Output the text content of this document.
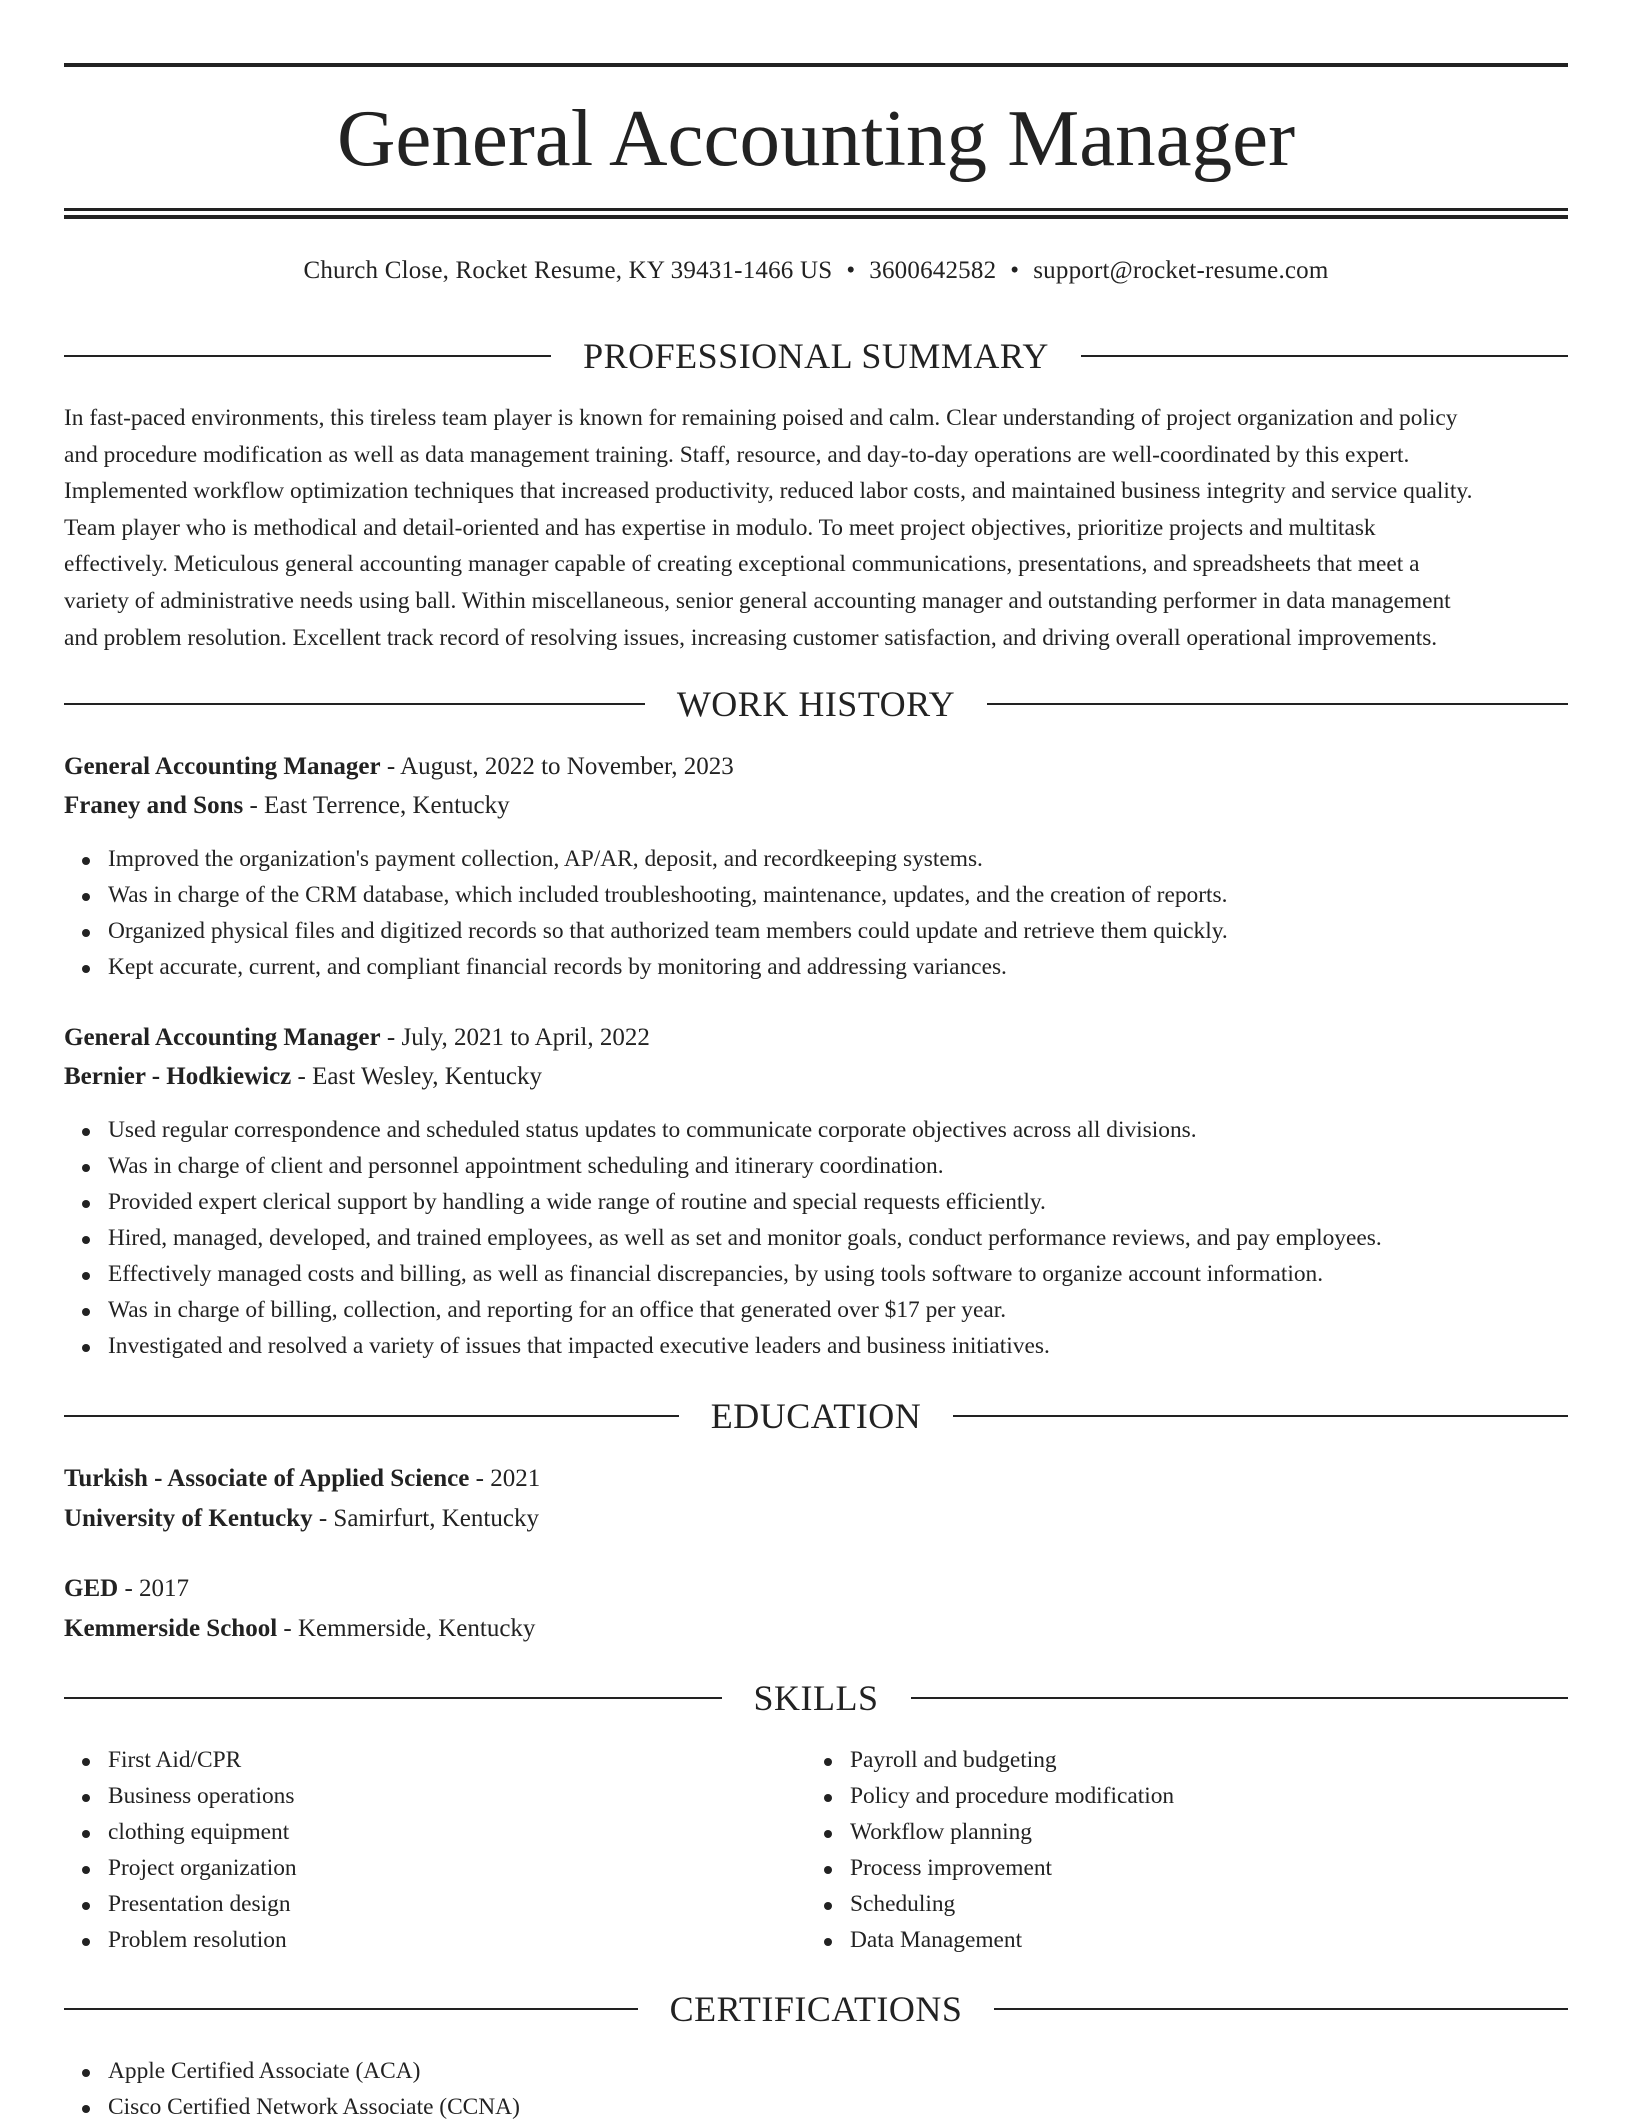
General Accounting Manager
Church Close, Rocket Resume, KY 39431-1466 US • 3600642582 • support@rocket-resume.com
PROFESSIONAL SUMMARY
In fast-paced environments, this tireless team player is known for remaining poised and calm. Clear understanding of project organization and policy
and procedure modification as well as data management training. Staff, resource, and day-to-day operations are well-coordinated by this expert.
Implemented workflow optimization techniques that increased productivity, reduced labor costs, and maintained business integrity and service quality.
Team player who is methodical and detail-oriented and has expertise in modulo. To meet project objectives, prioritize projects and multitask
effectively. Meticulous general accounting manager capable of creating exceptional communications, presentations, and spreadsheets that meet a
variety of administrative needs using ball. Within miscellaneous, senior general accounting manager and outstanding performer in data management
and problem resolution. Excellent track record of resolving issues, increasing customer satisfaction, and driving overall operational improvements.
WORK HISTORY
General Accounting Manager - August, 2022 to November, 2023
Franey and Sons - East Terrence, Kentucky
Improved the organization's payment collection, AP/AR, deposit, and recordkeeping systems.
Was in charge of the CRM database, which included troubleshooting, maintenance, updates, and the creation of reports.
Organized physical files and digitized records so that authorized team members could update and retrieve them quickly.
Kept accurate, current, and compliant financial records by monitoring and addressing variances.
General Accounting Manager - July, 2021 to April, 2022
Bernier - Hodkiewicz - East Wesley, Kentucky
Used regular correspondence and scheduled status updates to communicate corporate objectives across all divisions.
Was in charge of client and personnel appointment scheduling and itinerary coordination.
Provided expert clerical support by handling a wide range of routine and special requests efficiently.
Hired, managed, developed, and trained employees, as well as set and monitor goals, conduct performance reviews, and pay employees.
Effectively managed costs and billing, as well as financial discrepancies, by using tools software to organize account information.
Was in charge of billing, collection, and reporting for an office that generated over $17 per year.
Investigated and resolved a variety of issues that impacted executive leaders and business initiatives.
EDUCATION
Turkish - Associate of Applied Science - 2021
University of Kentucky - Samirfurt, Kentucky
GED - 2017
Kemmerside School - Kemmerside, Kentucky
SKILLS
First Aid/CPR
Business operations
clothing equipment
Project organization
Presentation design
Problem resolution
Payroll and budgeting
Policy and procedure modification
Workflow planning
Process improvement
Scheduling
Data Management
CERTIFICATIONS
Apple Certified Associate (ACA)
Cisco Certified Network Associate (CCNA)
